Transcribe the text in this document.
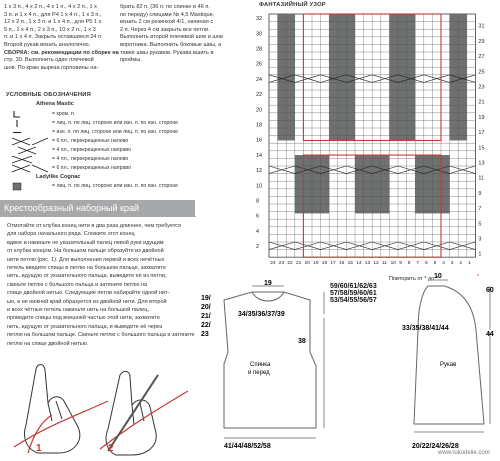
1 х 3 п., 4 х 2 п., 4 х 1 п., 4 х 2 п., 1 х
3 п. и 1 х 4 п., для Р4 1 х 4 п., 1 х 3 п.,
12 х 2 п., 1 х 3 п. и 1 х 4 п., для Р5 1 х
5 п., 1 х 4 п., 2 х 3 п., 10 х 2 п., 1 х 3
п. и 1 х 4 п. Закрыть оставшиеся 24 п.
Второй рукав вязать аналогично.
СБОРКА: см. рекомендации по сборке на
стр. 30. Выполнить один плечевой
шов. По краю выреза горловины на-
брать 82 п. (36 п. по спинке и 46 п.
по переду) спицами № 4,5 Mastique,
вязать 2 см резинкой 4/1, начиная с
2 п. Через 4 см закрыть все петли.
Выполнить второй плечевой шов и шов
воротника. Выполнить боковые швы, а
также швы рукавов. Рукава вшить в
проймы.
УСЛОВНЫЕ ОБОЗНАЧЕНИЯ
Athena Mastic
= кром. п.
= лиц. п. по лиц. стороне или изн. п. по изн. стороне
= изн. п. по лиц. стороне или лиц. п. по изн. стороне
= 6 пл., перекрещенных налево
= 4 пл., перекрещенных направо
= 4 пл., перекрещенных налево
= 6 пл., перекрещенных направо
Ladylike Cognac
= лиц. п. по лиц. стороне или изн. п. по изн. стороне
Крестообразный наборный край
Отмотайте от клубка конец нити в два раза длиннее, чем требуется
для набора начального ряда. Сложите этот конец
вдвое и накиньте не указательный палец левой руки идущим
от клубка концом. На большом пальце образуйте из двойной
нити петлю (рис. 1). Для выполнения первой и всех нечётных
петель введите спицы в петлю на большом пальце, захватите
нить, идущую от указательного пальца, выведите её из петли,
скиньте петлю с большого пальца и затяните петлю на
спице двойной нитью. Следующие петли набирайте одной нит-
ью, а не нижней край образуется из двойной нити. Для второй
и всех чётных петель накиньте нить на большой палец,
проведите спицы под внешней частью этой нити, захватите
нить, идущую от указательного пальца, и выведите её через
петлю на большом пальце. Скиньте петлю с большого пальца и затяните
петлю на спице двойной нитью.
1	2
ФАНТАЗИЙНЫЙ УЗОР
31
29
27
25
23
21
19
17
15
13
11
9
7
5
3
1
32
30
28
26
24
22
20
18
16
14
12
10
8
6
4
2
24 23 22 21 20 19 18 17 16 15 14 13 12 11 10 9 8 7 6 5 4 3 2 1
Повторить от * до *	*
19
34/35/36/37/39
38
Спинка
и перед
41/44/48/52/58
19/
20/
21/
22/
23
59/60/61/62/63
57/58/59/60/61
53/54/55/56/57
10
33/35/38/41/44
60
44
Рукав
20/22/24/26/28
www.rukodelie.com
